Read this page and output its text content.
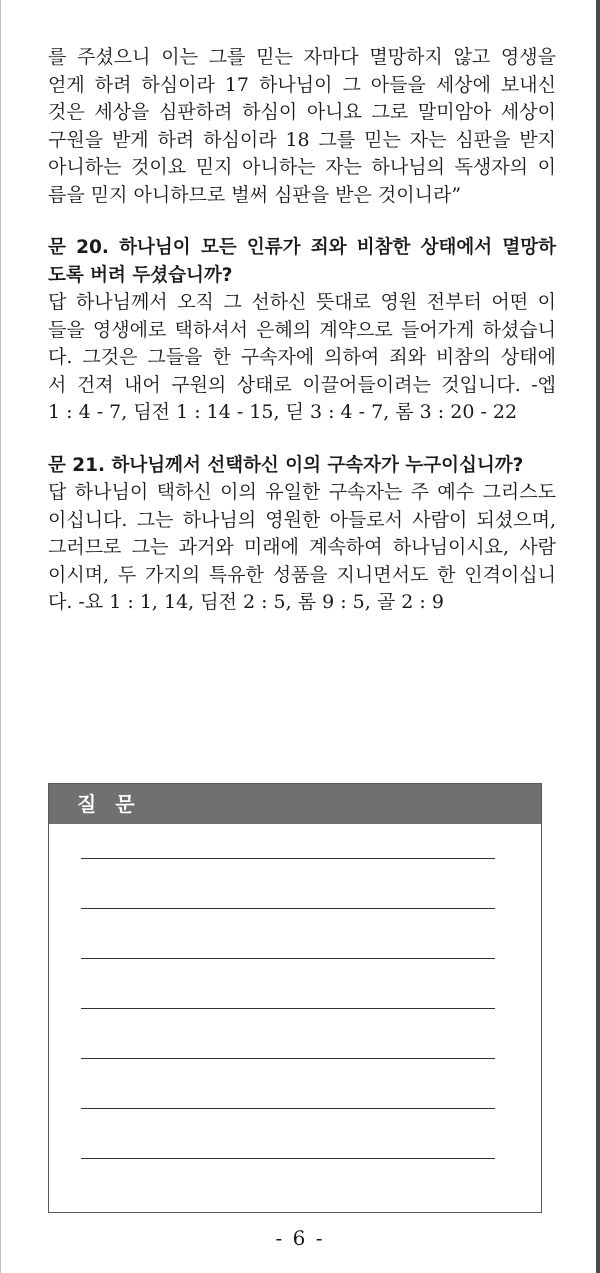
를 주셨으니 이는 그를 믿는 자마다 멸망하지 않고 영생을
얻게 하려 하심이라 17 하나님이 그 아들을 세상에 보내신
것은 세상을 심판하려 하심이 아니요 그로 말미암아 세상이
구원을 받게 하려 하심이라 18 그를 믿는 자는 심판을 받지
아니하는 것이요 믿지 아니하는 자는 하나님의 독생자의 이
름을 믿지 아니하므로 벌써 심판을 받은 것이니라”

문 20. 하나님이 모든 인류가 죄와 비참한 상태에서 멸망하
도록 버려 두셨습니까?

답 하나님께서 오직 그 선하신 뜻대로 영원 전부터 어떤 이
들을 영생에로 택하셔서 은혜의 계약으로 들어가게 하셨습니
다. 그것은 그들을 한 구속자에 의하여 죄와 비참의 상태에
서 건져 내어 구원의 상태로 이끌어들이려는 것입니다. -엡
1 : 4 - 7, 딤전 1 : 14 - 15, 딛 3 : 4 - 7, 롬 3 : 20 - 22

문 21. 하나님께서 선택하신 이의 구속자가 누구이십니까?

답 하나님이 택하신 이의 유일한 구속자는 주 예수 그리스도
이십니다. 그는 하나님의 영원한 아들로서 사람이 되셨으며,
그러므로 그는 과거와 미래에 계속하여 하나님이시요, 사람
이시며, 두 가지의 특유한 성품을 지니면서도 한 인격이십니
다. -요 1 : 1, 14, 딤전 2 : 5, 롬 9 : 5, 골 2 : 9

질 문
- 6 -
